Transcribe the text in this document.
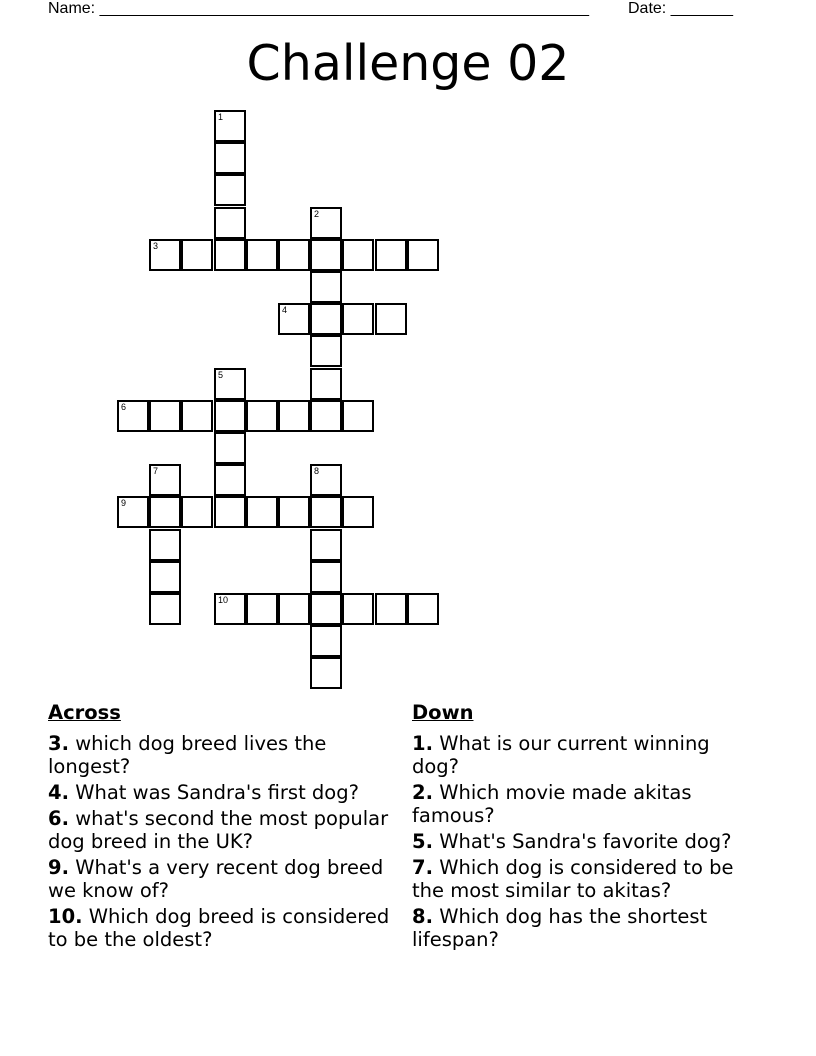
Name: _______________________________________________________ Date: _______
Challenge 02
1
2
3
4
5
6
7	8
9
10
Across
3. which dog breed lives the longest?
4. What was Sandra's first dog?
6. what's second the most popular dog breed in the UK?
9. What's a very recent dog breed we know of?
10. Which dog breed is considered to be the oldest?
Down
1. What is our current winning dog?
2. Which movie made akitas famous?
5. What's Sandra's favorite dog?
7. Which dog is considered to be the most similar to akitas?
8. Which dog has the shortest lifespan?
